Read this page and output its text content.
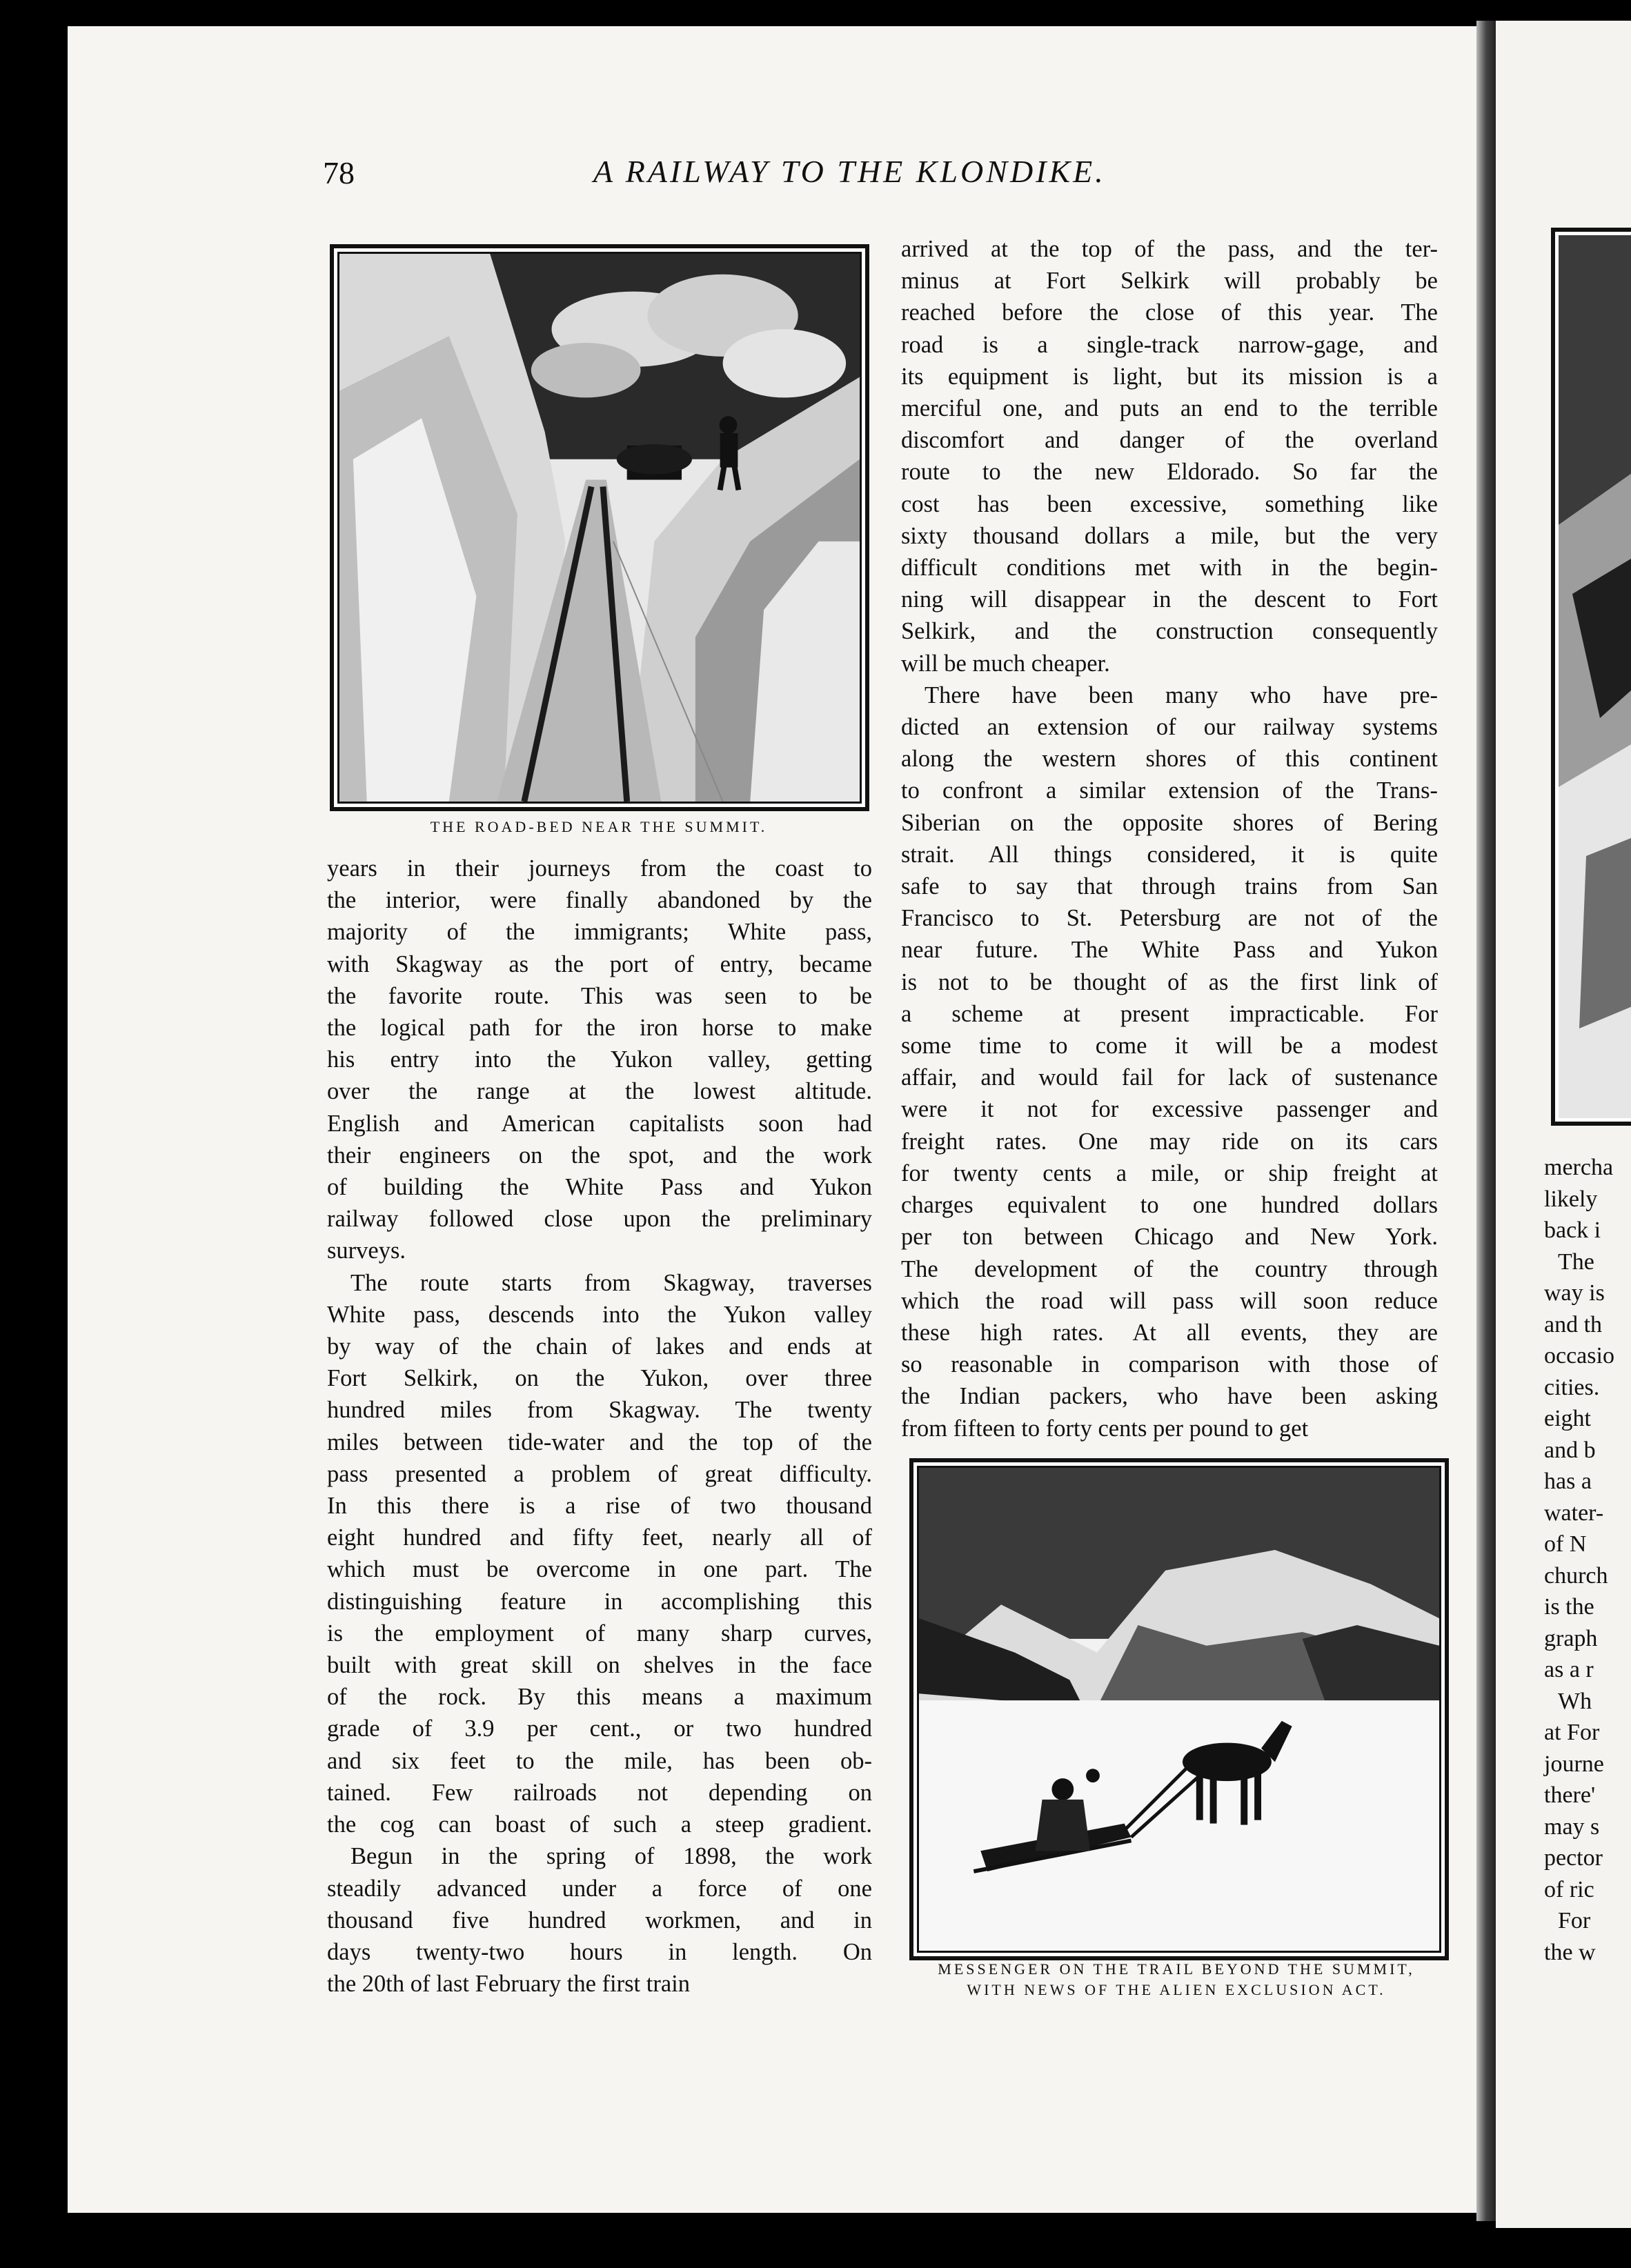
78	A RAILWAY TO THE KLONDIKE.
THE ROAD-BED NEAR THE SUMMIT.
years in their journeys from the coast to
the interior, were finally abandoned by the
majority of the immigrants; White pass,
with Skagway as the port of entry, became
the favorite route. This was seen to be
the logical path for the iron horse to make
his entry into the Yukon valley, getting
over the range at the lowest altitude.
English and American capitalists soon had
their engineers on the spot, and the work
of building the White Pass and Yukon
railway followed close upon the preliminary
surveys.
The route starts from Skagway, traverses
White pass, descends into the Yukon valley
by way of the chain of lakes and ends at
Fort Selkirk, on the Yukon, over three
hundred miles from Skagway. The twenty
miles between tide-water and the top of the
pass presented a problem of great difficulty.
In this there is a rise of two thousand
eight hundred and fifty feet, nearly all of
which must be overcome in one part. The
distinguishing feature in accomplishing this
is the employment of many sharp curves,
built with great skill on shelves in the face
of the rock. By this means a maximum
grade of 3.9 per cent., or two hundred
and six feet to the mile, has been ob-
tained. Few railroads not depending on
the cog can boast of such a steep gradient.
Begun in the spring of 1898, the work
steadily advanced under a force of one
thousand five hundred workmen, and in
days twenty-two hours in length. On
the 20th of last February the first train
arrived at the top of the pass, and the ter-
minus at Fort Selkirk will probably be
reached before the close of this year. The
road is a single-track narrow-gage, and
its equipment is light, but its mission is a
merciful one, and puts an end to the terrible
discomfort and danger of the overland
route to the new Eldorado. So far the
cost has been excessive, something like
sixty thousand dollars a mile, but the very
difficult conditions met with in the begin-
ning will disappear in the descent to Fort
Selkirk, and the construction consequently
will be much cheaper.
There have been many who have pre-
dicted an extension of our railway systems
along the western shores of this continent
to confront a similar extension of the Trans-
Siberian on the opposite shores of Bering
strait. All things considered, it is quite
safe to say that through trains from San
Francisco to St. Petersburg are not of the
near future. The White Pass and Yukon
is not to be thought of as the first link of
a scheme at present impracticable. For
some time to come it will be a modest
affair, and would fail for lack of sustenance
were it not for excessive passenger and
freight rates. One may ride on its cars
for twenty cents a mile, or ship freight at
charges equivalent to one hundred dollars
per ton between Chicago and New York.
The development of the country through
which the road will pass will soon reduce
these high rates. At all events, they are
so reasonable in comparison with those of
the Indian packers, who have been asking
from fifteen to forty cents per pound to get
MESSENGER ON THE TRAIL BEYOND THE SUMMIT,
WITH NEWS OF THE ALIEN EXCLUSION ACT.
mercha
likely
back i
The
way is
and th
occasio
cities.
eight
and b
has a
water-
of N
church
is the
graph
as a r
Wh
at For
journe
there'
may s
pector
of ric
For
the w
